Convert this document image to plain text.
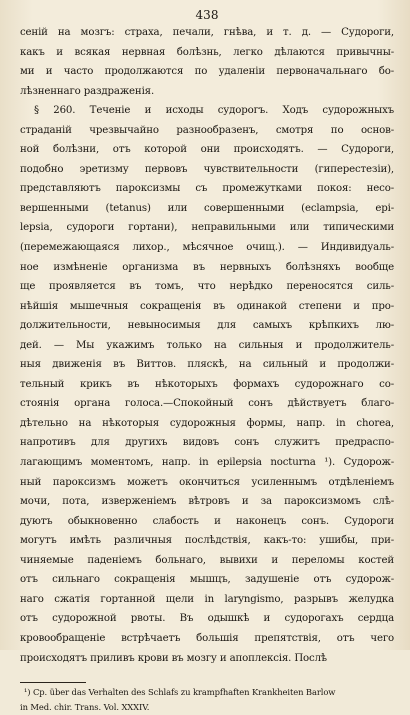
438
сеній на мозгъ: страха, печали, гнѣва, и т. д. — Судороги,
какъ и всякая нервная болѣзнь, легко дѣлаются привычны-
ми и часто продолжаются по удаленіи первоначальнаго бо-
лѣзненнаго раздраженія.
§ 260. Теченіе и исходы судорогъ. Ходъ судорожныхъ
страданій чрезвычайно разнообразенъ, смотря по основ-
ной болѣзни, отъ которой они происходятъ. — Судороги,
подобно эретизму первовъ чувствительности (гиперестезіи),
представляютъ пароксизмы съ промежутками покоя: несо-
вершенными (tetanus) или совершенными (eclampsia, epi-
lepsia, судороги гортани), неправильными или типическими
(перемежающаяся лихор., мѣсячное очищ.). — Индивидуаль-
ное измѣненіе организма въ нервныхъ болѣзняхъ вообще
ще проявляется въ томъ, что нерѣдко переносятся силь-
нѣйшія мышечныя сокращенія въ одинакой степени и про-
должительности, невыносимыя для самыхъ крѣпкихъ лю-
дей. — Мы укажимъ только на сильныя и продолжитель-
ныя движенія въ Виттов. пляскѣ, на сильный и продолжи-
тельный крикъ въ нѣкоторыхъ формахъ судорожнаго со-
стоянія органа голоса.—Спокойный сонъ дѣйствуетъ благо-
дѣтельно на нѣкоторыя судорожныя формы, напр. in chorea,
напротивъ для другихъ видовъ сонъ служитъ предраспо-
лагающимъ моментомъ, напр. in epilepsia nocturna ¹). Судорож-
ный пароксизмъ можетъ окончиться усиленнымъ отдѣленіемъ
мочи, пота, изверженіемъ вѣтровъ и за пароксизмомъ слѣ-
дуютъ обыкновенно слабость и наконецъ сонъ. Судороги
могутъ имѣть различныя послѣдствія, какъ-то: ушибы, при-
чиняемые паденіемъ больнаго, вывихи и переломы костей
отъ сильнаго сокращенія мышцъ, задушеніе отъ судорож-
наго сжатія гортанной щели in laryngismo, разрывъ желудка
отъ судорожной рвоты. Въ одышкѣ и судорогахъ сердца
кровообращеніе встрѣчаетъ большія препятствія, отъ чего
происходятъ приливъ крови въ мозгу и апоплексія. Послѣ
¹) Cp. über das Verhalten des Schlafs zu krampfhaften Krankheiten Barlow
in Med. chir. Trans. Vol. XXXIV.
